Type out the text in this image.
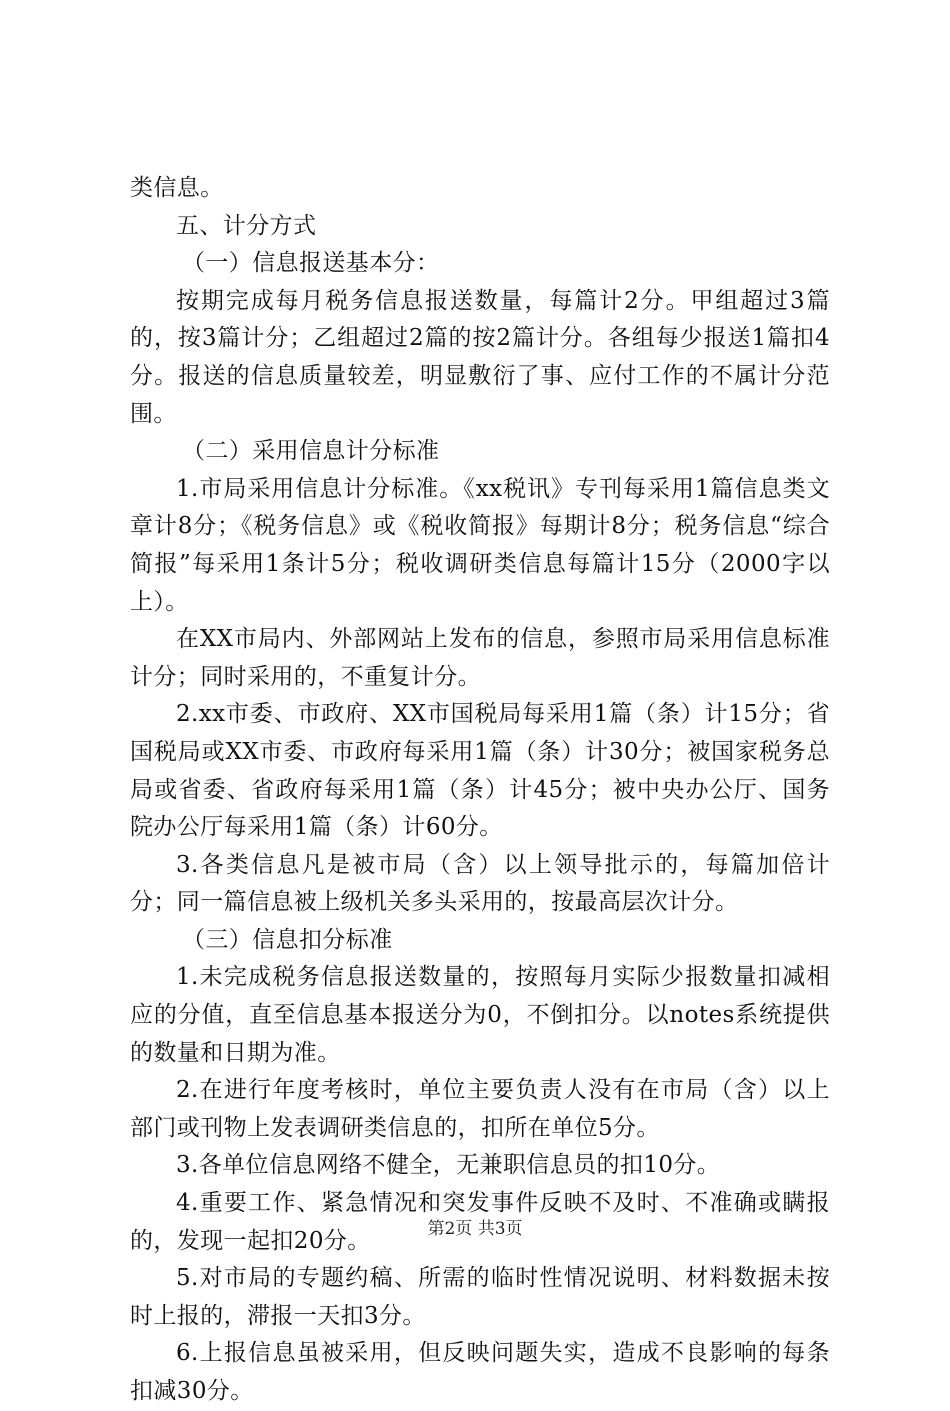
类信息。

五、计分方式

（一）信息报送基本分：

按期完成每月税务信息报送数量，每篇计2分。甲组超过3篇的，按3篇计分；乙组超过2篇的按2篇计分。各组每少报送1篇扣4分。报送的信息质量较差，明显敷衍了事、应付工作的不属计分范围。

（二）采用信息计分标准

1.市局采用信息计分标准。《xx税讯》专刊每采用1篇信息类文章计8分；《税务信息》或《税收简报》每期计8分；税务信息“综合简报”每采用1条计5分；税收调研类信息每篇计15分（2000字以上）。

在XX市局内、外部网站上发布的信息，参照市局采用信息标准计分；同时采用的，不重复计分。

2.xx市委、市政府、XX市国税局每采用1篇（条）计15分；省国税局或XX市委、市政府每采用1篇（条）计30分；被国家税务总局或省委、省政府每采用1篇（条）计45分；被中央办公厅、国务院办公厅每采用1篇（条）计60分。

3.各类信息凡是被市局（含）以上领导批示的，每篇加倍计分；同一篇信息被上级机关多头采用的，按最高层次计分。

（三）信息扣分标准

1.未完成税务信息报送数量的，按照每月实际少报数量扣减相应的分值，直至信息基本报送分为0，不倒扣分。以notes系统提供的数量和日期为准。

2.在进行年度考核时，单位主要负责人没有在市局（含）以上部门或刊物上发表调研类信息的，扣所在单位5分。

3.各单位信息网络不健全，无兼职信息员的扣10分。

4.重要工作、紧急情况和突发事件反映不及时、不准确或瞒报的，发现一起扣20分。

5.对市局的专题约稿、所需的临时性情况说明、材料数据未按时上报的，滞报一天扣3分。

6.上报信息虽被采用，但反映问题失实，造成不良影响的每条扣减30分。

第2页 共3页
